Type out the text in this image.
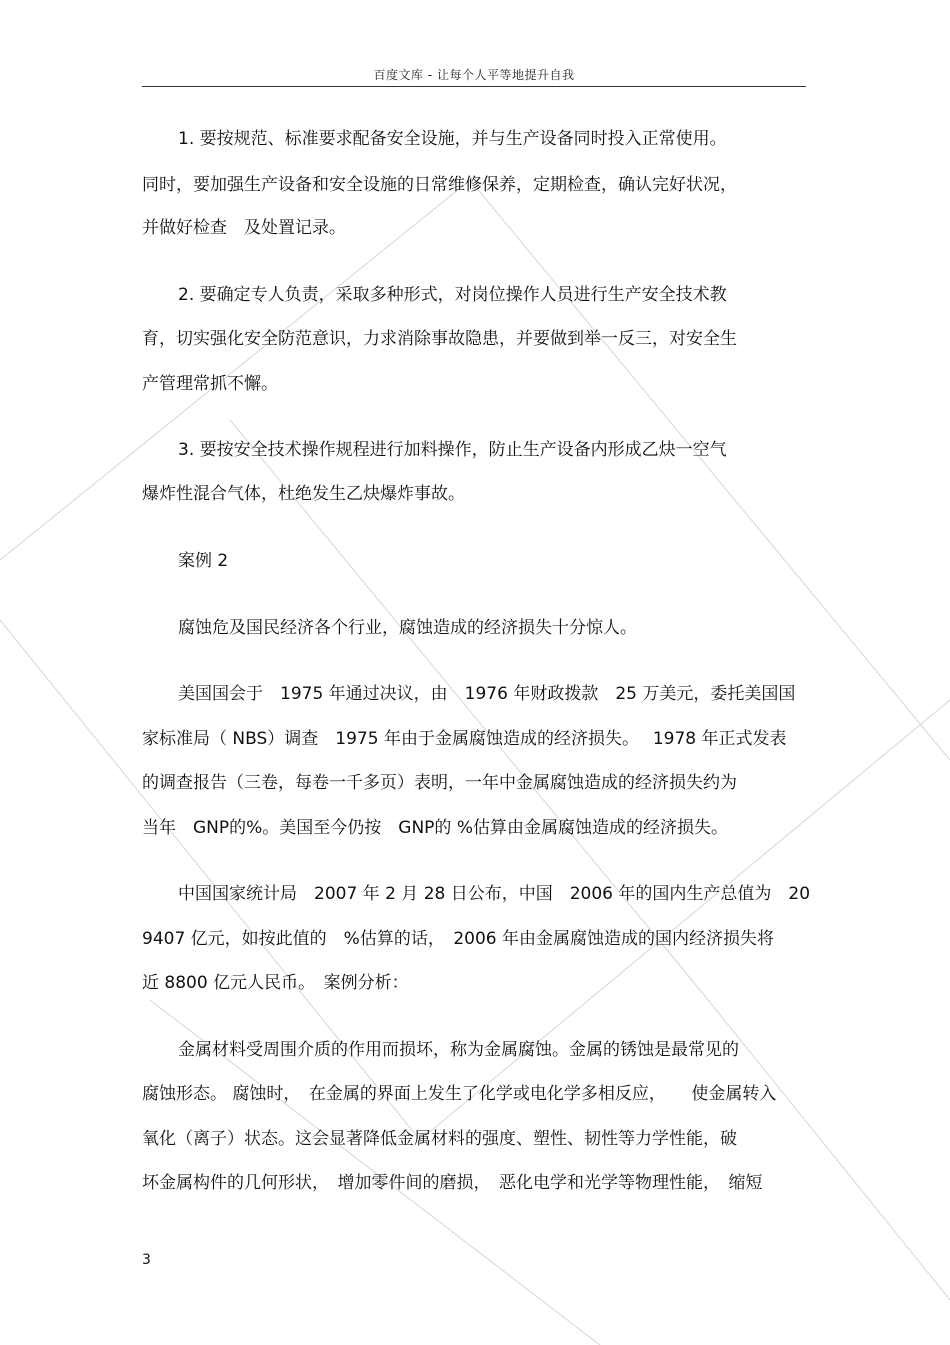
百度文库 - 让每个人平等地提升自我
1. 要按规范、标准要求配备安全设施，并与生产设备同时投入正常使用。
同时，要加强生产设备和安全设施的日常维修保养，定期检查，确认完好状况，
并做好检查　及处置记录。
2. 要确定专人负责，采取多种形式，对岗位操作人员进行生产安全技术教
育，切实强化安全防范意识，力求消除事故隐患，并要做到举一反三，对安全生
产管理常抓不懈。
3. 要按安全技术操作规程进行加料操作，防止生产设备内形成乙炔一空气
爆炸性混合气体，杜绝发生乙炔爆炸事故。
案例 2
腐蚀危及国民经济各个行业，腐蚀造成的经济损失十分惊人。
美国国会于　1975 年通过决议，由　1976 年财政拨款　25 万美元，委托美国国
家标准局（ NBS）调查　1975 年由于金属腐蚀造成的经济损失。　 1978 年正式发表
的调查报告（三卷，每卷一千多页）表明，一年中金属腐蚀造成的经济损失约为
当年　GNP的%。美国至今仍按　GNP的 %估算由金属腐蚀造成的经济损失。
中国国家统计局　2007 年 2 月 28 日公布，中国　2006 年的国内生产总值为　20
9407 亿元，如按此值的　%估算的话，　2006 年由金属腐蚀造成的国内经济损失将
近 8800 亿元人民币。　案例分析：
金属材料受周围介质的作用而损坏，称为金属腐蚀。金属的锈蚀是最常见的
腐蚀形态。 腐蚀时，　在金属的界面上发生了化学或电化学多相反应，　　使金属转入
氧化（离子）状态。这会显著降低金属材料的强度、塑性、韧性等力学性能，破
坏金属构件的几何形状，　增加零件间的磨损，　恶化电学和光学等物理性能，　缩短
3
